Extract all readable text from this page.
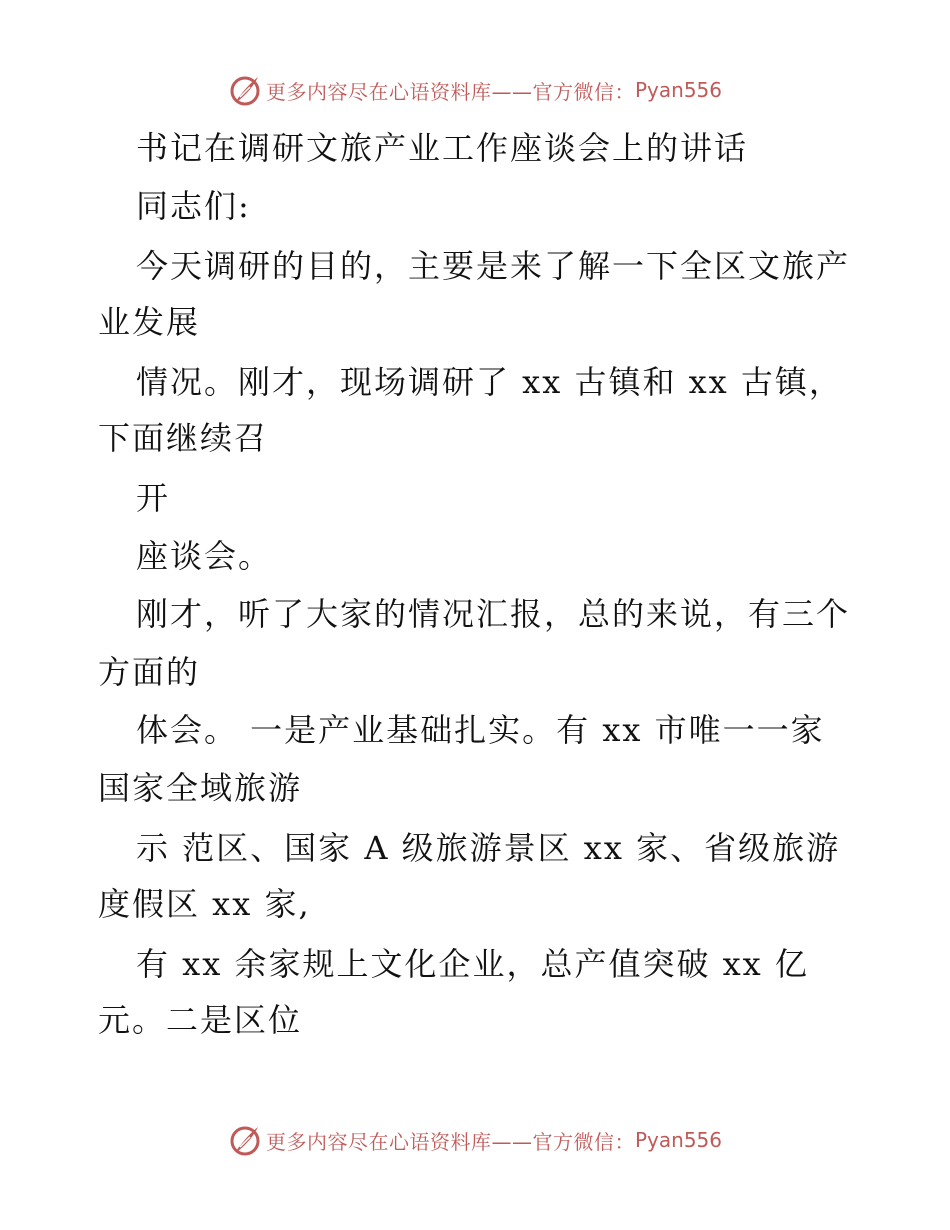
更多内容尽在心语资料库——官方微信： Pyan556
书记在调研文旅产业工作座谈会上的讲话
同志们:
今天调研的目的，主要是来了解一下全区文旅产
业发展
情况。刚才，现场调研了 xx 古镇和 xx 古镇，
下面继续召
开
座谈会。
刚才，听了大家的情况汇报，总的来说，有三个
方面的
体会。 一是产业基础扎实。有 xx 市唯一一家
国家全域旅游
示 范区、国家 A 级旅游景区 xx 家、省级旅游
度假区 xx 家,
有 xx 余家规上文化企业，总产值突破 xx 亿
元。二是区位
更多内容尽在心语资料库——官方微信： Pyan556
